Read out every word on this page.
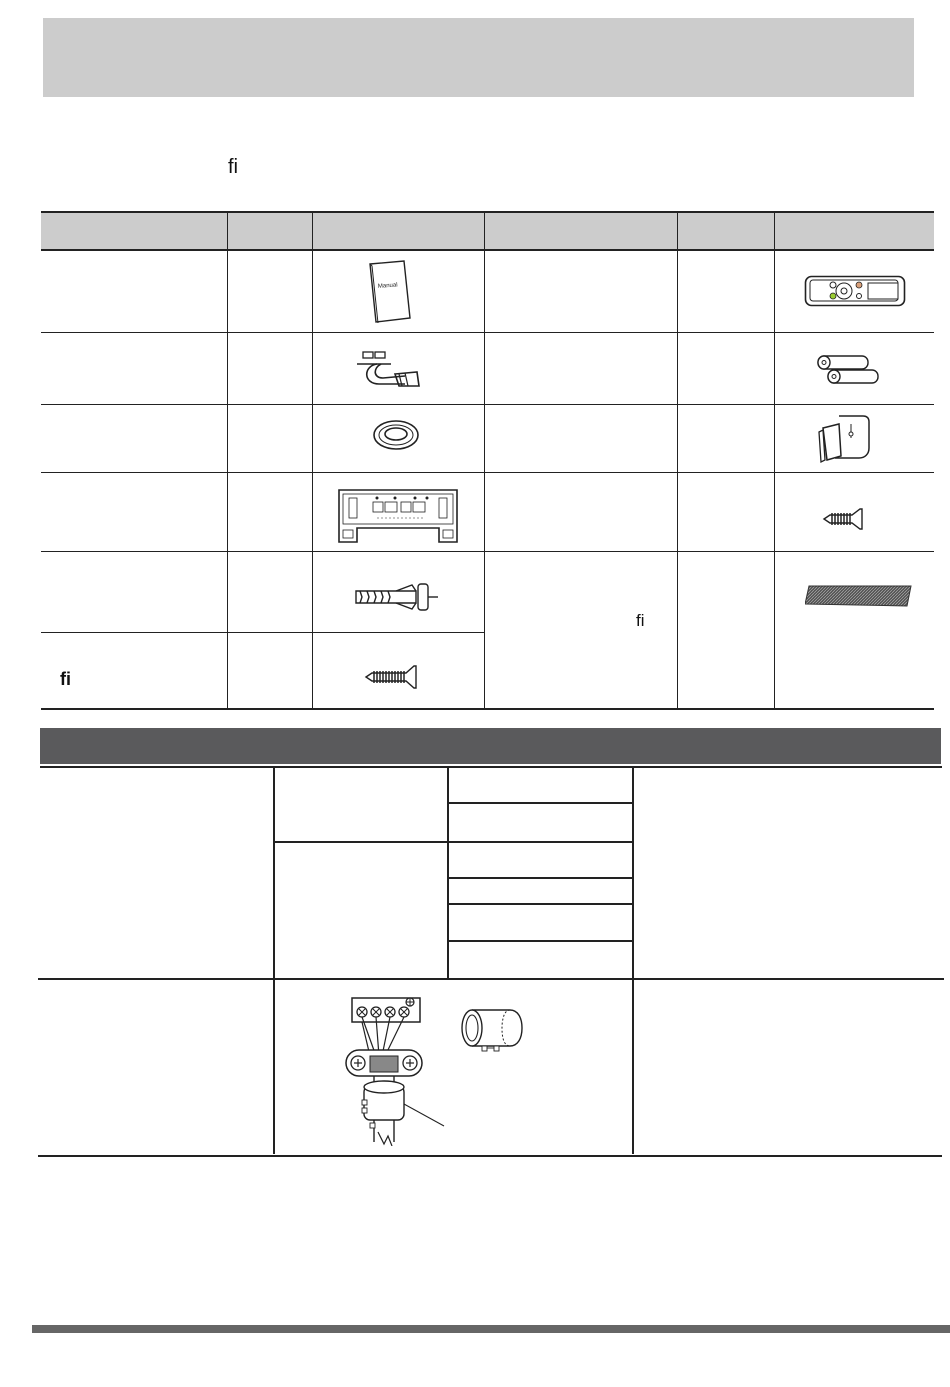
ﬁ
Manual
ﬁ
ﬁ
